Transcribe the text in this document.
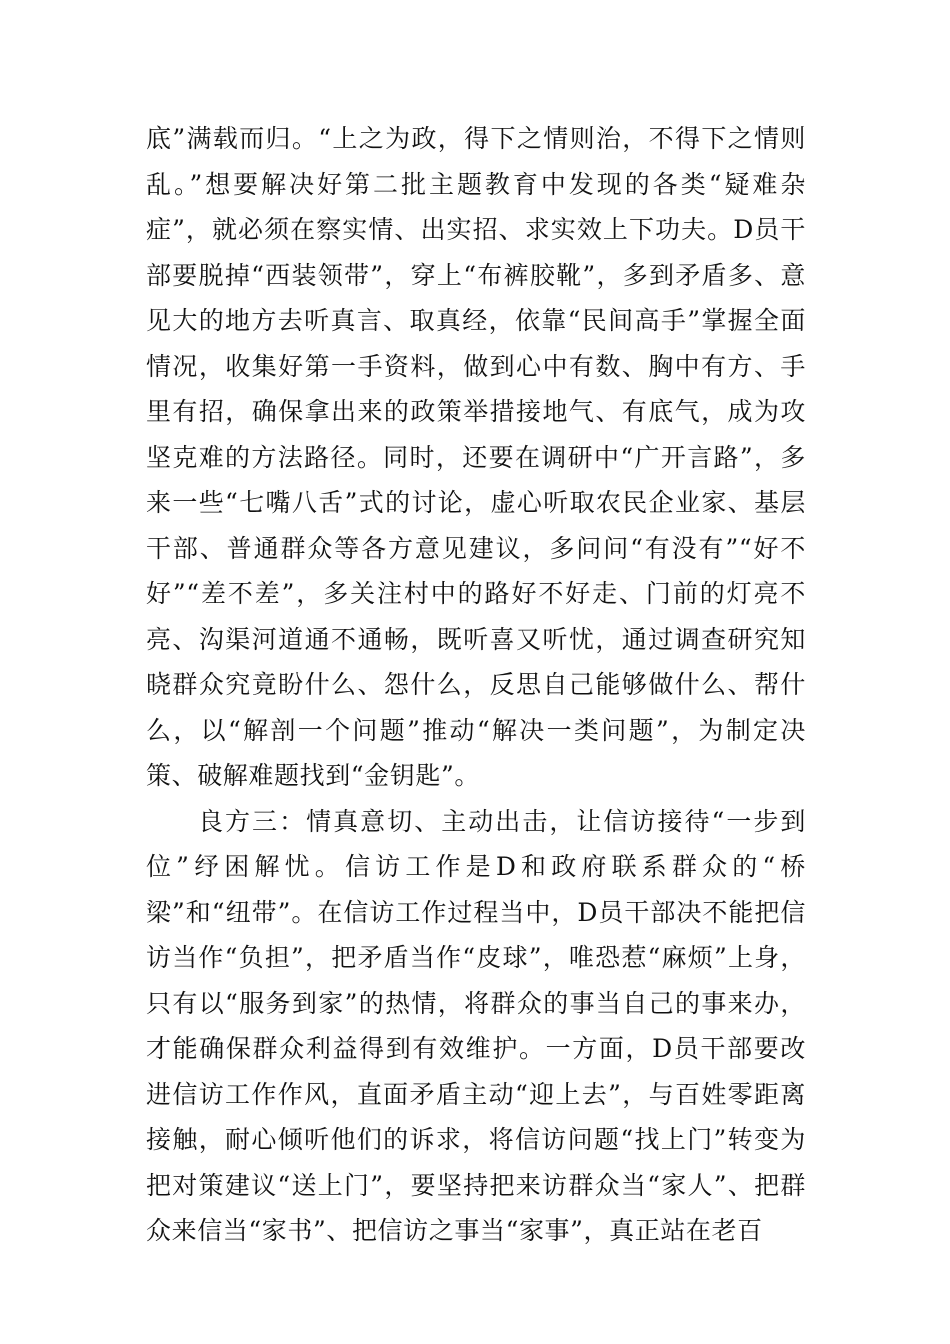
底”满载而归。“上之为政，得下之情则治，不得下之情则乱。”想要解决好第二批主题教育中发现的各类“疑难杂症”，就必须在察实情、出实招、求实效上下功夫。D员干部要脱掉“西装领带”，穿上“布裤胶靴”，多到矛盾多、意见大的地方去听真言、取真经，依靠“民间高手”掌握全面情况，收集好第一手资料，做到心中有数、胸中有方、手里有招，确保拿出来的政策举措接地气、有底气，成为攻坚克难的方法路径。同时，还要在调研中“广开言路”，多来一些“七嘴八舌”式的讨论，虚心听取农民企业家、基层干部、普通群众等各方意见建议，多问问“有没有”“好不好”“差不差”，多关注村中的路好不好走、门前的灯亮不亮、沟渠河道通不通畅，既听喜又听忧，通过调查研究知晓群众究竟盼什么、怨什么，反思自己能够做什么、帮什么，以“解剖一个问题”推动“解决一类问题”，为制定决策、破解难题找到“金钥匙”。

良方三：情真意切、主动出击，让信访接待“一步到位”纾困解忧。信访工作是D和政府联系群众的“桥梁”和“纽带”。在信访工作过程当中，D员干部决不能把信访当作“负担”，把矛盾当作“皮球”，唯恐惹“麻烦”上身，只有以“服务到家”的热情，将群众的事当自己的事来办，才能确保群众利益得到有效维护。一方面，D员干部要改进信访工作作风，直面矛盾主动“迎上去”，与百姓零距离接触，耐心倾听他们的诉求，将信访问题“找上门”转变为把对策建议“送上门”，要坚持把来访群众当“家人”、把群众来信当“家书”、把信访之事当“家事”，真正站在老百
